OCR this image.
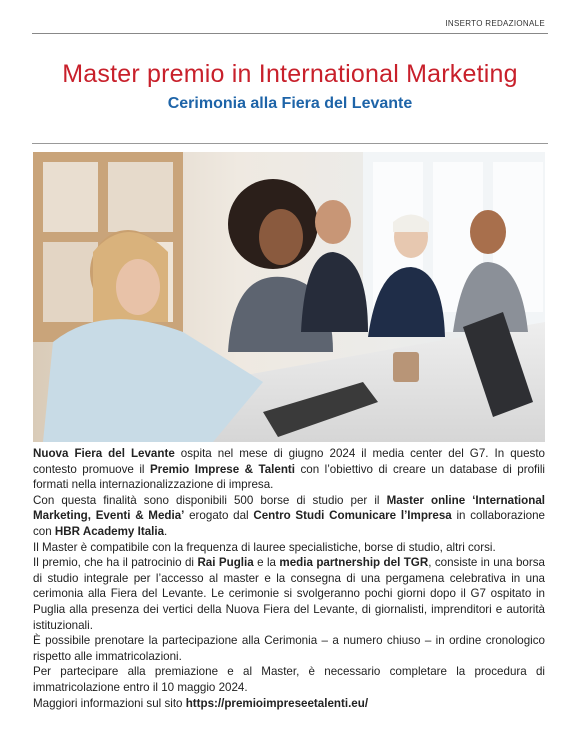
INSERTO REDAZIONALE
Master premio in International Marketing
Cerimonia alla Fiera del Levante

Nuova Fiera del Levante ospita nel mese di giugno 2024 il media center del G7. In questo contesto promuove il Premio Imprese & Talenti con l’obiettivo di creare un database di profili formati nella internazionalizzazione di impresa.

Con questa finalità sono disponibili 500 borse di studio per il Master online ‘International Marketing, Eventi & Media’ erogato dal Centro Studi Comunicare l’Impresa in collaborazione con HBR Academy Italia.

Il Master è compatibile con la frequenza di lauree specialistiche, borse di studio, altri corsi.

Il premio, che ha il patrocinio di Rai Puglia e la media partnership del TGR, consiste in una borsa di studio integrale per l’accesso al master e la consegna di una pergamena celebrativa in una cerimonia alla Fiera del Levante. Le cerimonie si svolgeranno pochi giorni dopo il G7 ospitato in Puglia alla presenza dei vertici della Nuova Fiera del Levante, di giornalisti, imprenditori e autorità istituzionali.

È possibile prenotare la partecipazione alla Cerimonia – a numero chiuso – in ordine cronologico rispetto alle immatricolazioni.

Per partecipare alla premiazione e al Master, è necessario completare la procedura di immatricolazione entro il 10 maggio 2024.

Maggiori informazioni sul sito https://premioimpreseetalenti.eu/
